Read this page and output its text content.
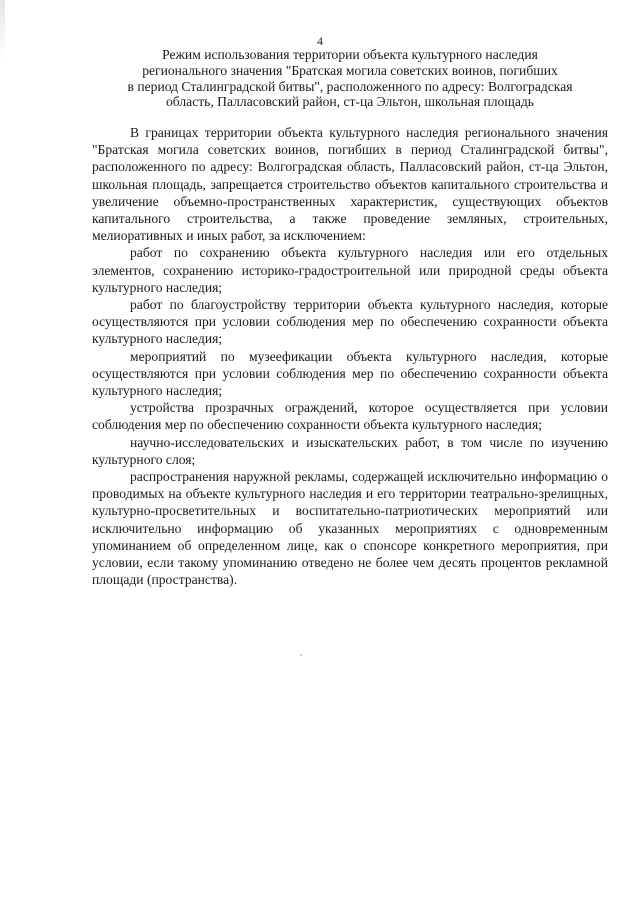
4
Режим использования территории объекта культурного наследия
регионального значения "Братская могила советских воинов, погибших
в период Сталинградской битвы", расположенного по адресу: Волгоградская
область, Палласовский район, ст-ца Эльтон, школьная площадь

В границах территории объекта культурного наследия регионального значения "Братская могила советских воинов, погибших в период Сталинградской битвы", расположенного по адресу: Волгоградская область, Палласовский район, ст-ца Эльтон, школьная площадь, запрещается строительство объектов капитального строительства и увеличение объемно-пространственных характеристик, существующих объектов капитального строительства, а также проведение земляных, строительных, мелиоративных и иных работ, за исключением:

работ по сохранению объекта культурного наследия или его отдельных элементов, сохранению историко-градостроительной или природной среды объекта культурного наследия;

работ по благоустройству территории объекта культурного наследия, которые осуществляются при условии соблюдения мер по обеспечению сохранности объекта культурного наследия;

мероприятий по музеефикации объекта культурного наследия, которые осуществляются при условии соблюдения мер по обеспечению сохранности объекта культурного наследия;

устройства прозрачных ограждений, которое осуществляется при условии соблюдения мер по обеспечению сохранности объекта культурного наследия;

научно-исследовательских и изыскательских работ, в том числе по изучению культурного слоя;

распространения наружной рекламы, содержащей исключительно информацию о проводимых на объекте культурного наследия и его территории театрально-зрелищных, культурно-просветительных и воспитательно-патриотических мероприятий или исключительно информацию об указанных мероприятиях с одновременным упоминанием об определенном лице, как о спонсоре конкретного мероприятия, при условии, если такому упоминанию отведено не более чем десять процентов рекламной площади (пространства).
